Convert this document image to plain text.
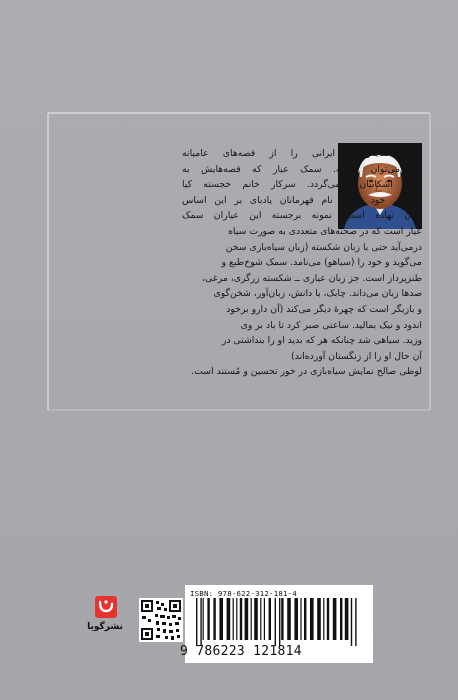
سیاه نمایش‌های ایرانی را از قصه‌های عامیانه
نیز می‌توان گرفت. سمک عیار که قصه‌هایش به
دورهٔ اشکانیان برمی‌گردد. سرکار خانم خجسته کیا
پژوهش خود را به نام قهرمانان یادبای بر این اساس
بنیان نهاده است. نمونه برجسته این عیاران سمک
عیار است که در صحنه‌های متعددی به صورت سیاه
درمی‌آید حتی با زبان شکسته (زبان سیاه‌بازی سخن
می‌گوید و خود را (سیاهو) می‌نامد. سمک شوخ‌طبع و
طنزپرداز است. جز زبان عیاری ــ شکسته زرگری، مرغی،
صدها زبان می‌داند. چابک، با دانش، زبان‌آور، شخن‌گوی
و بازیگر است که چهرهٔ دیگر می‌کند (آن دارو برخود
اندود و نیک بمالید. ساعتی صبر کرد تا باد بر وی
وزید. سیاهی شد چنانکه هر که بدید او را بنداشتی در
آن حال او را از زنگستان آورده‌اند)
لوطی صالح نمایش سیاه‌بازی در خور تحسین و مُستند است.
نشرگویا
ISBN: 978-622-312-181-4
9 786223 121814
